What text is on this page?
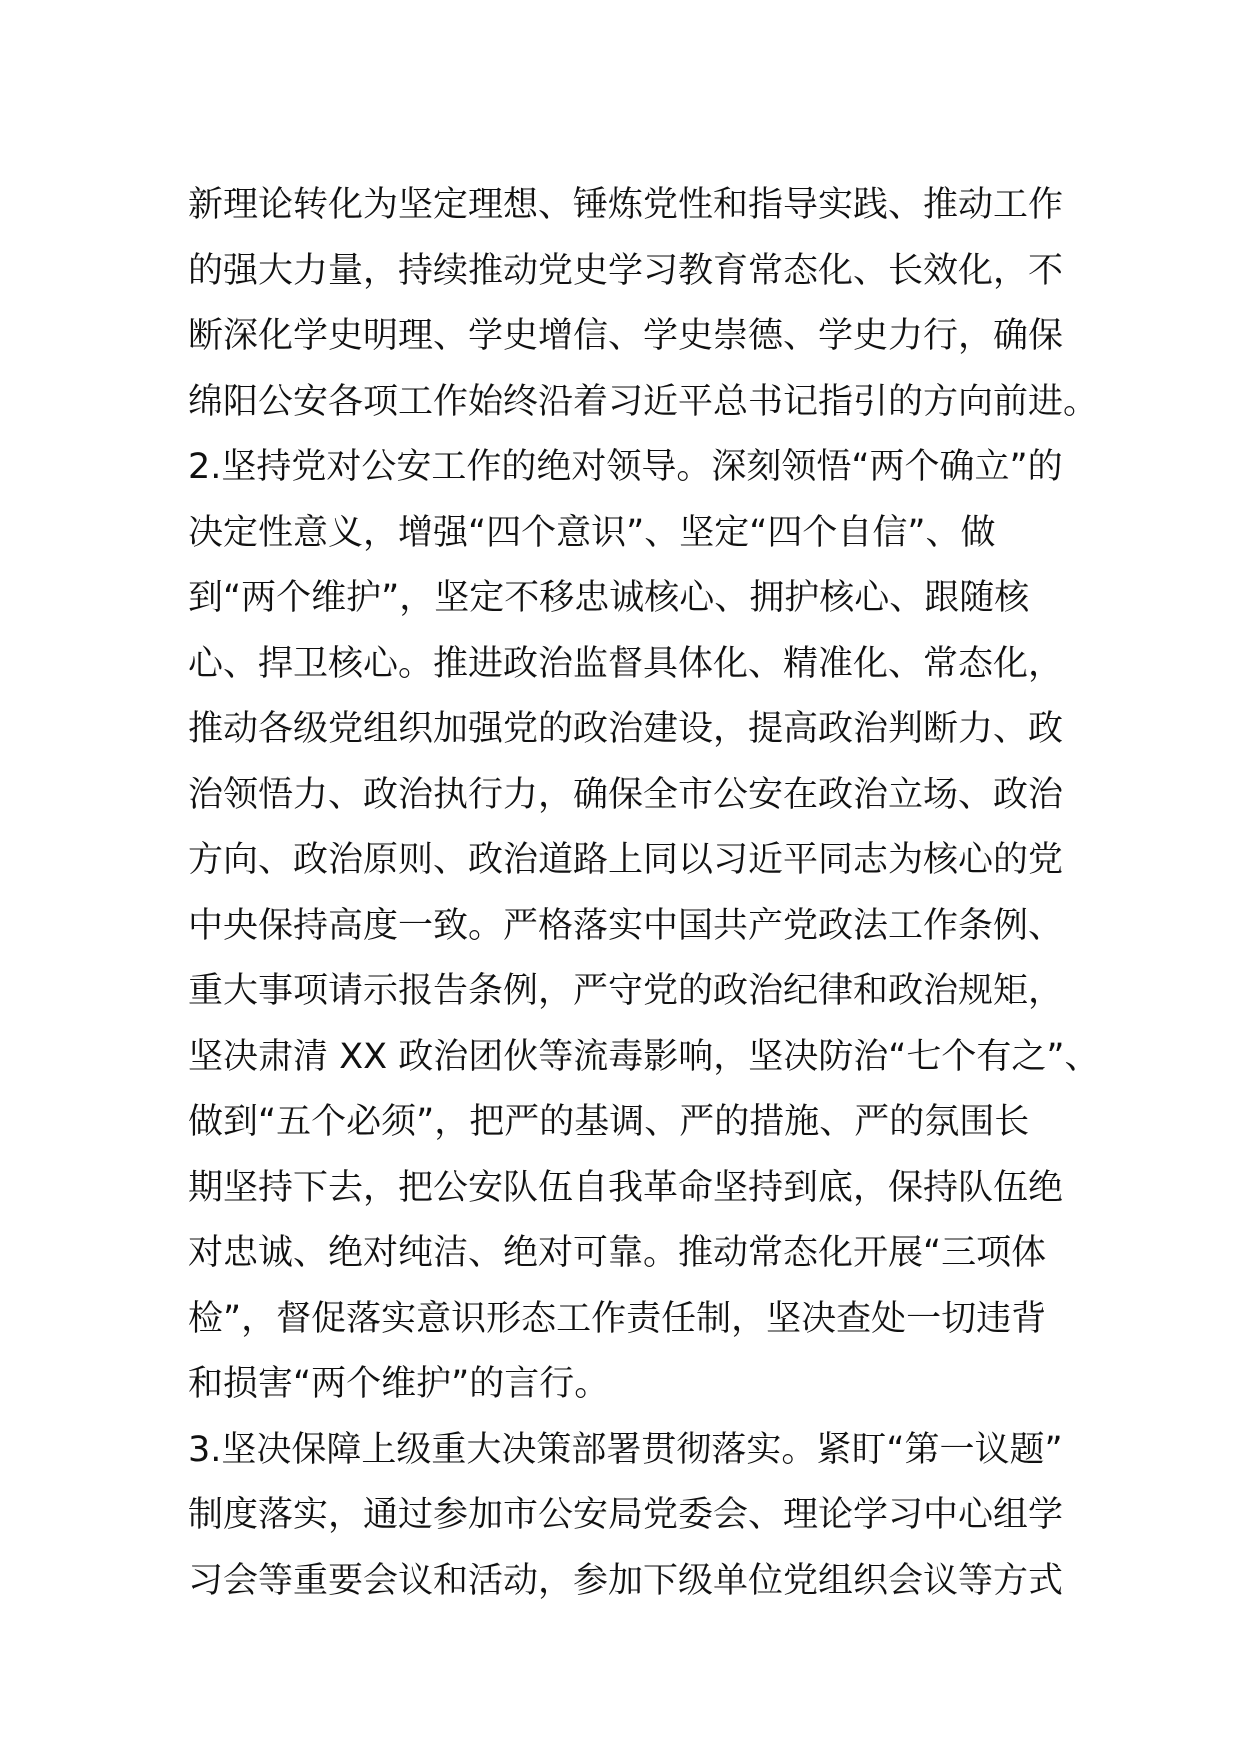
新理论转化为坚定理想、锤炼党性和指导实践、推动工作
的强大力量，持续推动党史学习教育常态化、长效化，不
断深化学史明理、学史增信、学史崇德、学史力行，确保
绵阳公安各项工作始终沿着习近平总书记指引的方向前进。
2.坚持党对公安工作的绝对领导。深刻领悟“两个确立”的
决定性意义，增强“四个意识”、坚定“四个自信”、做
到“两个维护”，坚定不移忠诚核心、拥护核心、跟随核
心、捍卫核心。推进政治监督具体化、精准化、常态化，
推动各级党组织加强党的政治建设，提高政治判断力、政
治领悟力、政治执行力，确保全市公安在政治立场、政治
方向、政治原则、政治道路上同以习近平同志为核心的党
中央保持高度一致。严格落实中国共产党政法工作条例、
重大事项请示报告条例，严守党的政治纪律和政治规矩，
坚决肃清 XX 政治团伙等流毒影响，坚决防治“七个有之”、
做到“五个必须”，把严的基调、严的措施、严的氛围长
期坚持下去，把公安队伍自我革命坚持到底，保持队伍绝
对忠诚、绝对纯洁、绝对可靠。推动常态化开展“三项体
检”，督促落实意识形态工作责任制，坚决查处一切违背
和损害“两个维护”的言行。
3.坚决保障上级重大决策部署贯彻落实。紧盯“第一议题”
制度落实，通过参加市公安局党委会、理论学习中心组学
习会等重要会议和活动，参加下级单位党组织会议等方式
